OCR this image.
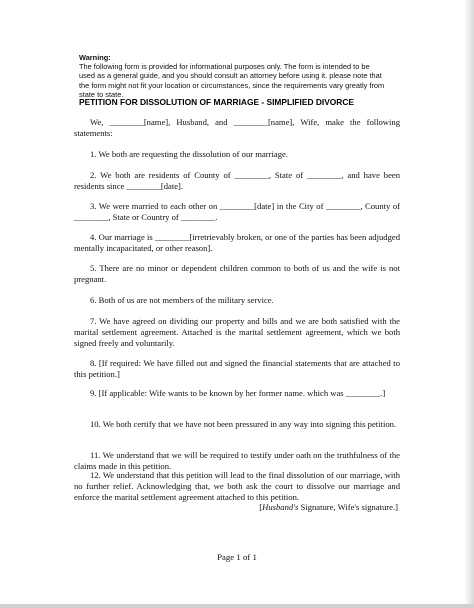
Warning:
The following form is provided for informational purposes only. The form is intended to be
used as a general guide, and you should consult an attorney before using it. please note that
the form might not fit your location or circumstances, since the requirements vary greatly from
state to state.
PETITION FOR DISSOLUTION OF MARRIAGE - SIMPLIFIED DIVORCE
We, ________[name], Husband, and ________[name], Wife, make the following statements:
1. We both are requesting the dissolution of our marriage.
2. We both are residents of County of ________, State of ________, and have been residents since ________[date].
3. We were married to each other on ________[date] in the City of ________, County of ________, State or Country of ________.
4. Our marriage is ________[irretrievably broken, or one of the parties has been adjudged mentally incapacitated, or other reason].
5. There are no minor or dependent children common to both of us and the wife is not pregnant.
6. Both of us are not members of the military service.
7. We have agreed on dividing our property and bills and we are both satisfied with the marital settlement agreement. Attached is the marital settlement agreement, which we both signed freely and voluntarily.
8. [If required: We have filled out and signed the financial statements that are attached to this petition.]
9. [If applicable: Wife wants to be known by her former name. which was ________.]
10. We both certify that we have not been pressured in any way into signing this petition.
11. We understand that we will be required to testify under oath on the truthfulness of the claims made in this petition.
12. We understand that this petition will lead to the final dissolution of our marriage, with no further relief. Acknowledging that, we both ask the court to dissolve our marriage and enforce the marital settlement agreement attached to this petition.
[Husband's Signature, Wife's signature.]
Page 1 of 1
